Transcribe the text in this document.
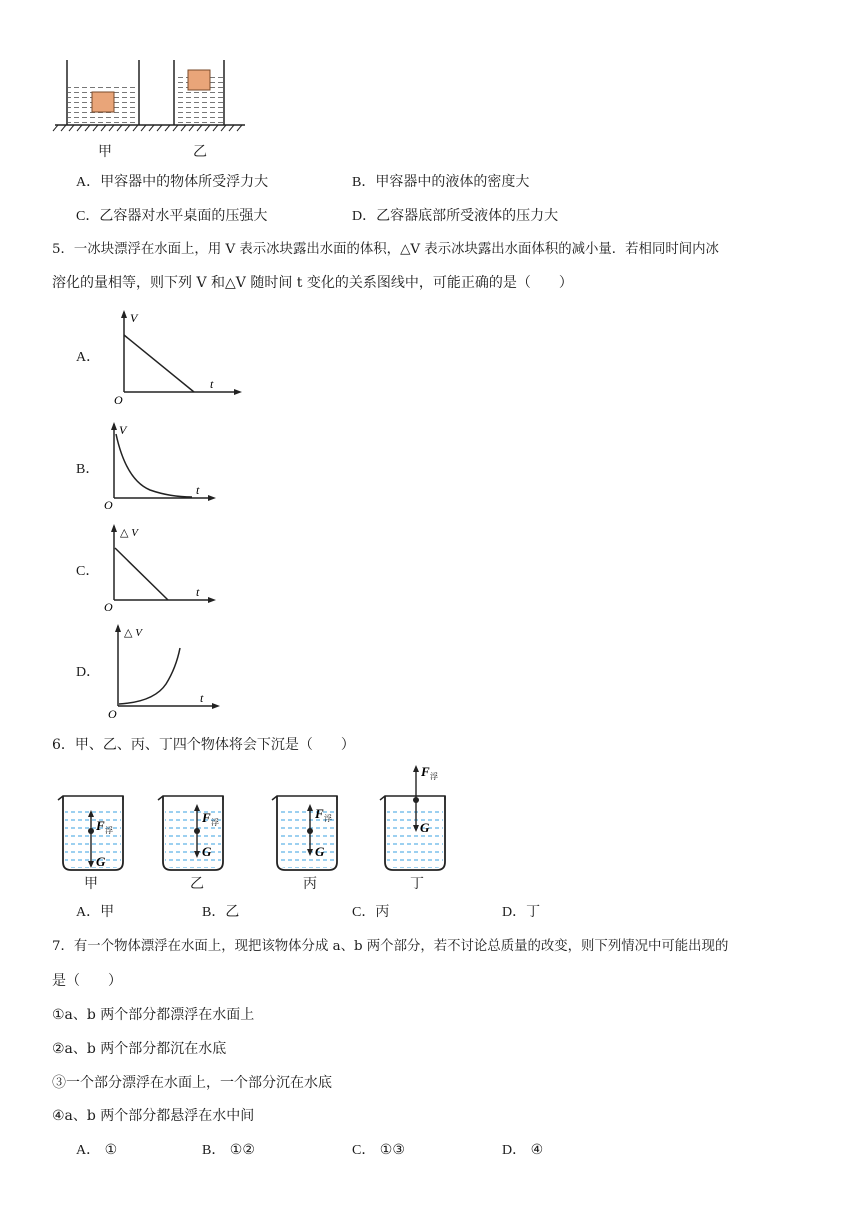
甲	乙
A．甲容器中的物体所受浮力大	B．甲容器中的液体的密度大
C．乙容器对水平桌面的压强大	D．乙容器底部所受液体的压力大
5．一冰块漂浮在水面上，用 V 表示冰块露出水面的体积，△V 表示冰块露出水面体积的减小量．若相同时间内冰
溶化的量相等，则下列 V 和△V 随时间 t 变化的关系图线中，可能正确的是（　　）
A．
V
t
O
B．
V
t
O
C．
△ V
t
O
D．
△ V
t
O
6．甲、乙、丙、丁四个物体将会下沉是（　　）
F 浮
G
F 浮
G
F 浮
G
F 浮
G
甲	乙	丙	丁
A．甲	B．乙	C．丙	D．丁
7．有一个物体漂浮在水面上，现把该物体分成 a、b 两个部分，若不讨论总质量的改变，则下列情况中可能出现的
是（　　）
①a、b 两个部分都漂浮在水面上
②a、b 两个部分都沉在水底
③一个部分漂浮在水面上，一个部分沉在水底
④a、b 两个部分都悬浮在水中间
A． ①	B． ①②	C． ①③	D． ④
